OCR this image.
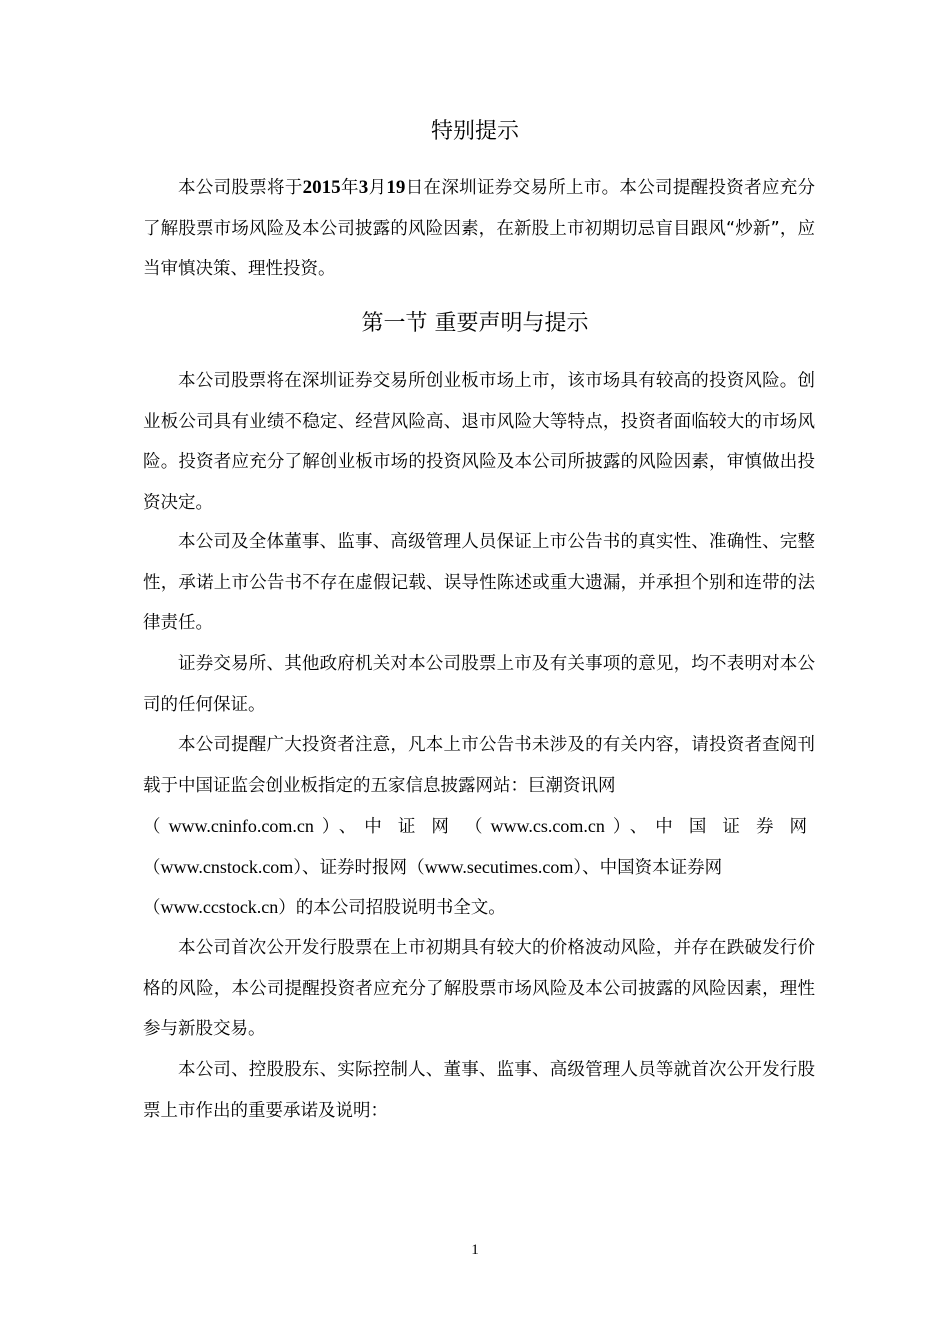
特别提示

本公司股票将于2015年3月19日在深圳证券交易所上市。本公司提醒投资者应充分了解股票市场风险及本公司披露的风险因素，在新股上市初期切忌盲目跟风“炒新”，应当审慎决策、理性投资。

第一节 重要声明与提示

本公司股票将在深圳证券交易所创业板市场上市，该市场具有较高的投资风险。创业板公司具有业绩不稳定、经营风险高、退市风险大等特点，投资者面临较大的市场风险。投资者应充分了解创业板市场的投资风险及本公司所披露的风险因素，审慎做出投资决定。

本公司及全体董事、监事、高级管理人员保证上市公告书的真实性、准确性、完整性，承诺上市公告书不存在虚假记载、误导性陈述或重大遗漏，并承担个别和连带的法律责任。

证券交易所、其他政府机关对本公司股票上市及有关事项的意见，均不表明对本公司的任何保证。

本公司提醒广大投资者注意，凡本上市公告书未涉及的有关内容，请投资者查阅刊载于中国证监会创业板指定的五家信息披露网站：巨潮资讯网

（www.cninfo.com.cn）、中证网（www.cs.com.cn）、中国证券网
（www.cnstock.com）、证券时报网（www.secutimes.com）、中国资本证券网
（www.ccstock.cn）的本公司招股说明书全文。

本公司首次公开发行股票在上市初期具有较大的价格波动风险，并存在跌破发行价格的风险，本公司提醒投资者应充分了解股票市场风险及本公司披露的风险因素，理性参与新股交易。

本公司、控股股东、实际控制人、董事、监事、高级管理人员等就首次公开发行股票上市作出的重要承诺及说明：

1
